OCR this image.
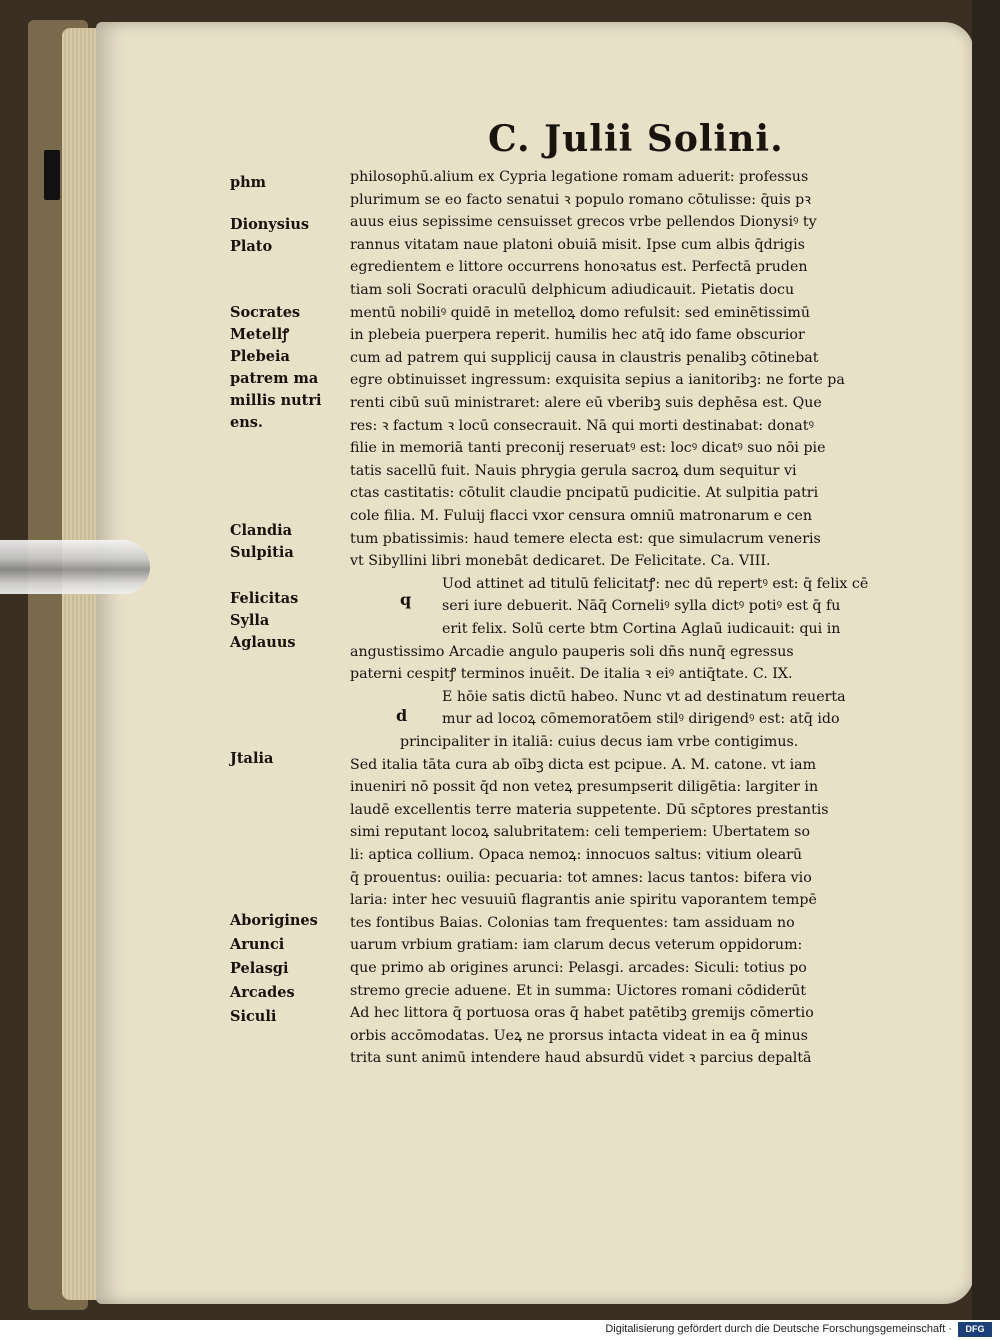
C. Julii Solini.
phm
Dionysius
Plato
Socrates
Metellꝭ
Plebeia
patrem ma
millis nutri
ens.
Clandia
Sulpitia
Felicitas
Sylla
Aglauus
Jtalia
Aborigines
Arunci
Pelasgi
Arcades
Siculi
q
d
philosophū.alium ex Cypria legatione romam aduerit: professus
plurimum se eo facto senatui ꝛ populo romano cōtulisse: q̄uis pꝛ
auus eius sepissime censuisset grecos vrbe pellendos Dionysiꝰ ty
rannus vitatam naue platoni obuiā misit. Ipse cum albis q̄drigis
egredientem e littore occurrens honoꝛatus est. Perfectā pruden
tiam soli Socrati oraculū delphicum adiudicauit. Pietatis docu
mentū nobiliꝰ quidē in metelloꝝ domo refulsit: sed eminētissimū
in plebeia puerpera reperit. humilis hec atq̄ ido fame obscurior
cum ad patrem qui supplicij causa in claustris penalibꝫ cōtinebat
egre obtinuisset ingressum: exquisita sepius a ianitoribꝫ: ne forte pa
renti cibū suū ministraret: alere eū vberibꝫ suis dephēsa est. Que
res: ꝛ factum ꝛ locū consecrauit. Nā qui morti destinabat: donatꝰ
filie in memoriā tanti preconij reseruatꝰ est: locꝰ dicatꝰ suo nōi pie
tatis sacellū fuit. Nauis phrygia gerula sacroꝝ dum sequitur vi
ctas castitatis: cōtulit claudie pncipatū pudicitie. At sulpitia patri
cole filia. M. Fuluij flacci vxor censura omniū matronarum e cen
tum pbatissimis: haud temere electa est: que simulacrum veneris
vt Sibyllini libri monebāt dedicaret. De Felicitate. Ca. VIII.
Uod attinet ad titulū felicitatꝭ: nec dū repertꝰ est: q̄ felix cē
seri iure debuerit. Nāq̄ Corneliꝰ sylla dictꝰ potiꝰ est q̄ fu
erit felix. Solū certe btm Cortina Aglaū iudicauit: qui in
angustissimo Arcadie angulo pauperis soli dn̄s nunq̄ egressus
paterni cespitꝭ terminos inuēit. De italia ꝛ eiꝰ antiq̄tate. C. IX.
E hōie satis dictū habeo. Nunc vt ad destinatum reuerta
mur ad locoꝝ cōmemoratōem stilꝰ dirigendꝰ est: atq̄ ido
principaliter in italiā: cuius decus iam vrbe contigimus.
Sed italia tāta cura ab oībꝫ dicta est pcipue. A. M. catone. vt iam
inueniri nō possit q̄d non veteꝝ presumpserit diligētia: largiter in
laudē excellentis terre materia suppetente. Dū sc̄ptores prestantis
simi reputant locoꝝ salubritatem: celi temperiem: Ubertatem so
li: aptica collium. Opaca nemoꝝ: innocuos saltus: vitium olearū
q̄ prouentus: ouilia: pecuaria: tot amnes: lacus tantos: bifera vio
laria: inter hec vesuuiū flagrantis anie spiritu vaporantem tempē
tes fontibus Baias. Colonias tam frequentes: tam assiduam no
uarum vrbium gratiam: iam clarum decus veterum oppidorum:
que primo ab origines arunci: Pelasgi. arcades: Siculi: totius po
stremo grecie aduene. Et in summa: Uictores romani cōdiderūt
Ad hec littora q̄ portuosa oras q̄ habet patētibꝫ gremijs cōmertio
orbis accōmodatas. Ueꝝ ne prorsus intacta videat in ea q̄ minus
trita sunt animū intendere haud absurdū videt ꝛ parcius depaltā
Digitalisierung gefördert durch die Deutsche Forschungsgemeinschaft ·	DFG
